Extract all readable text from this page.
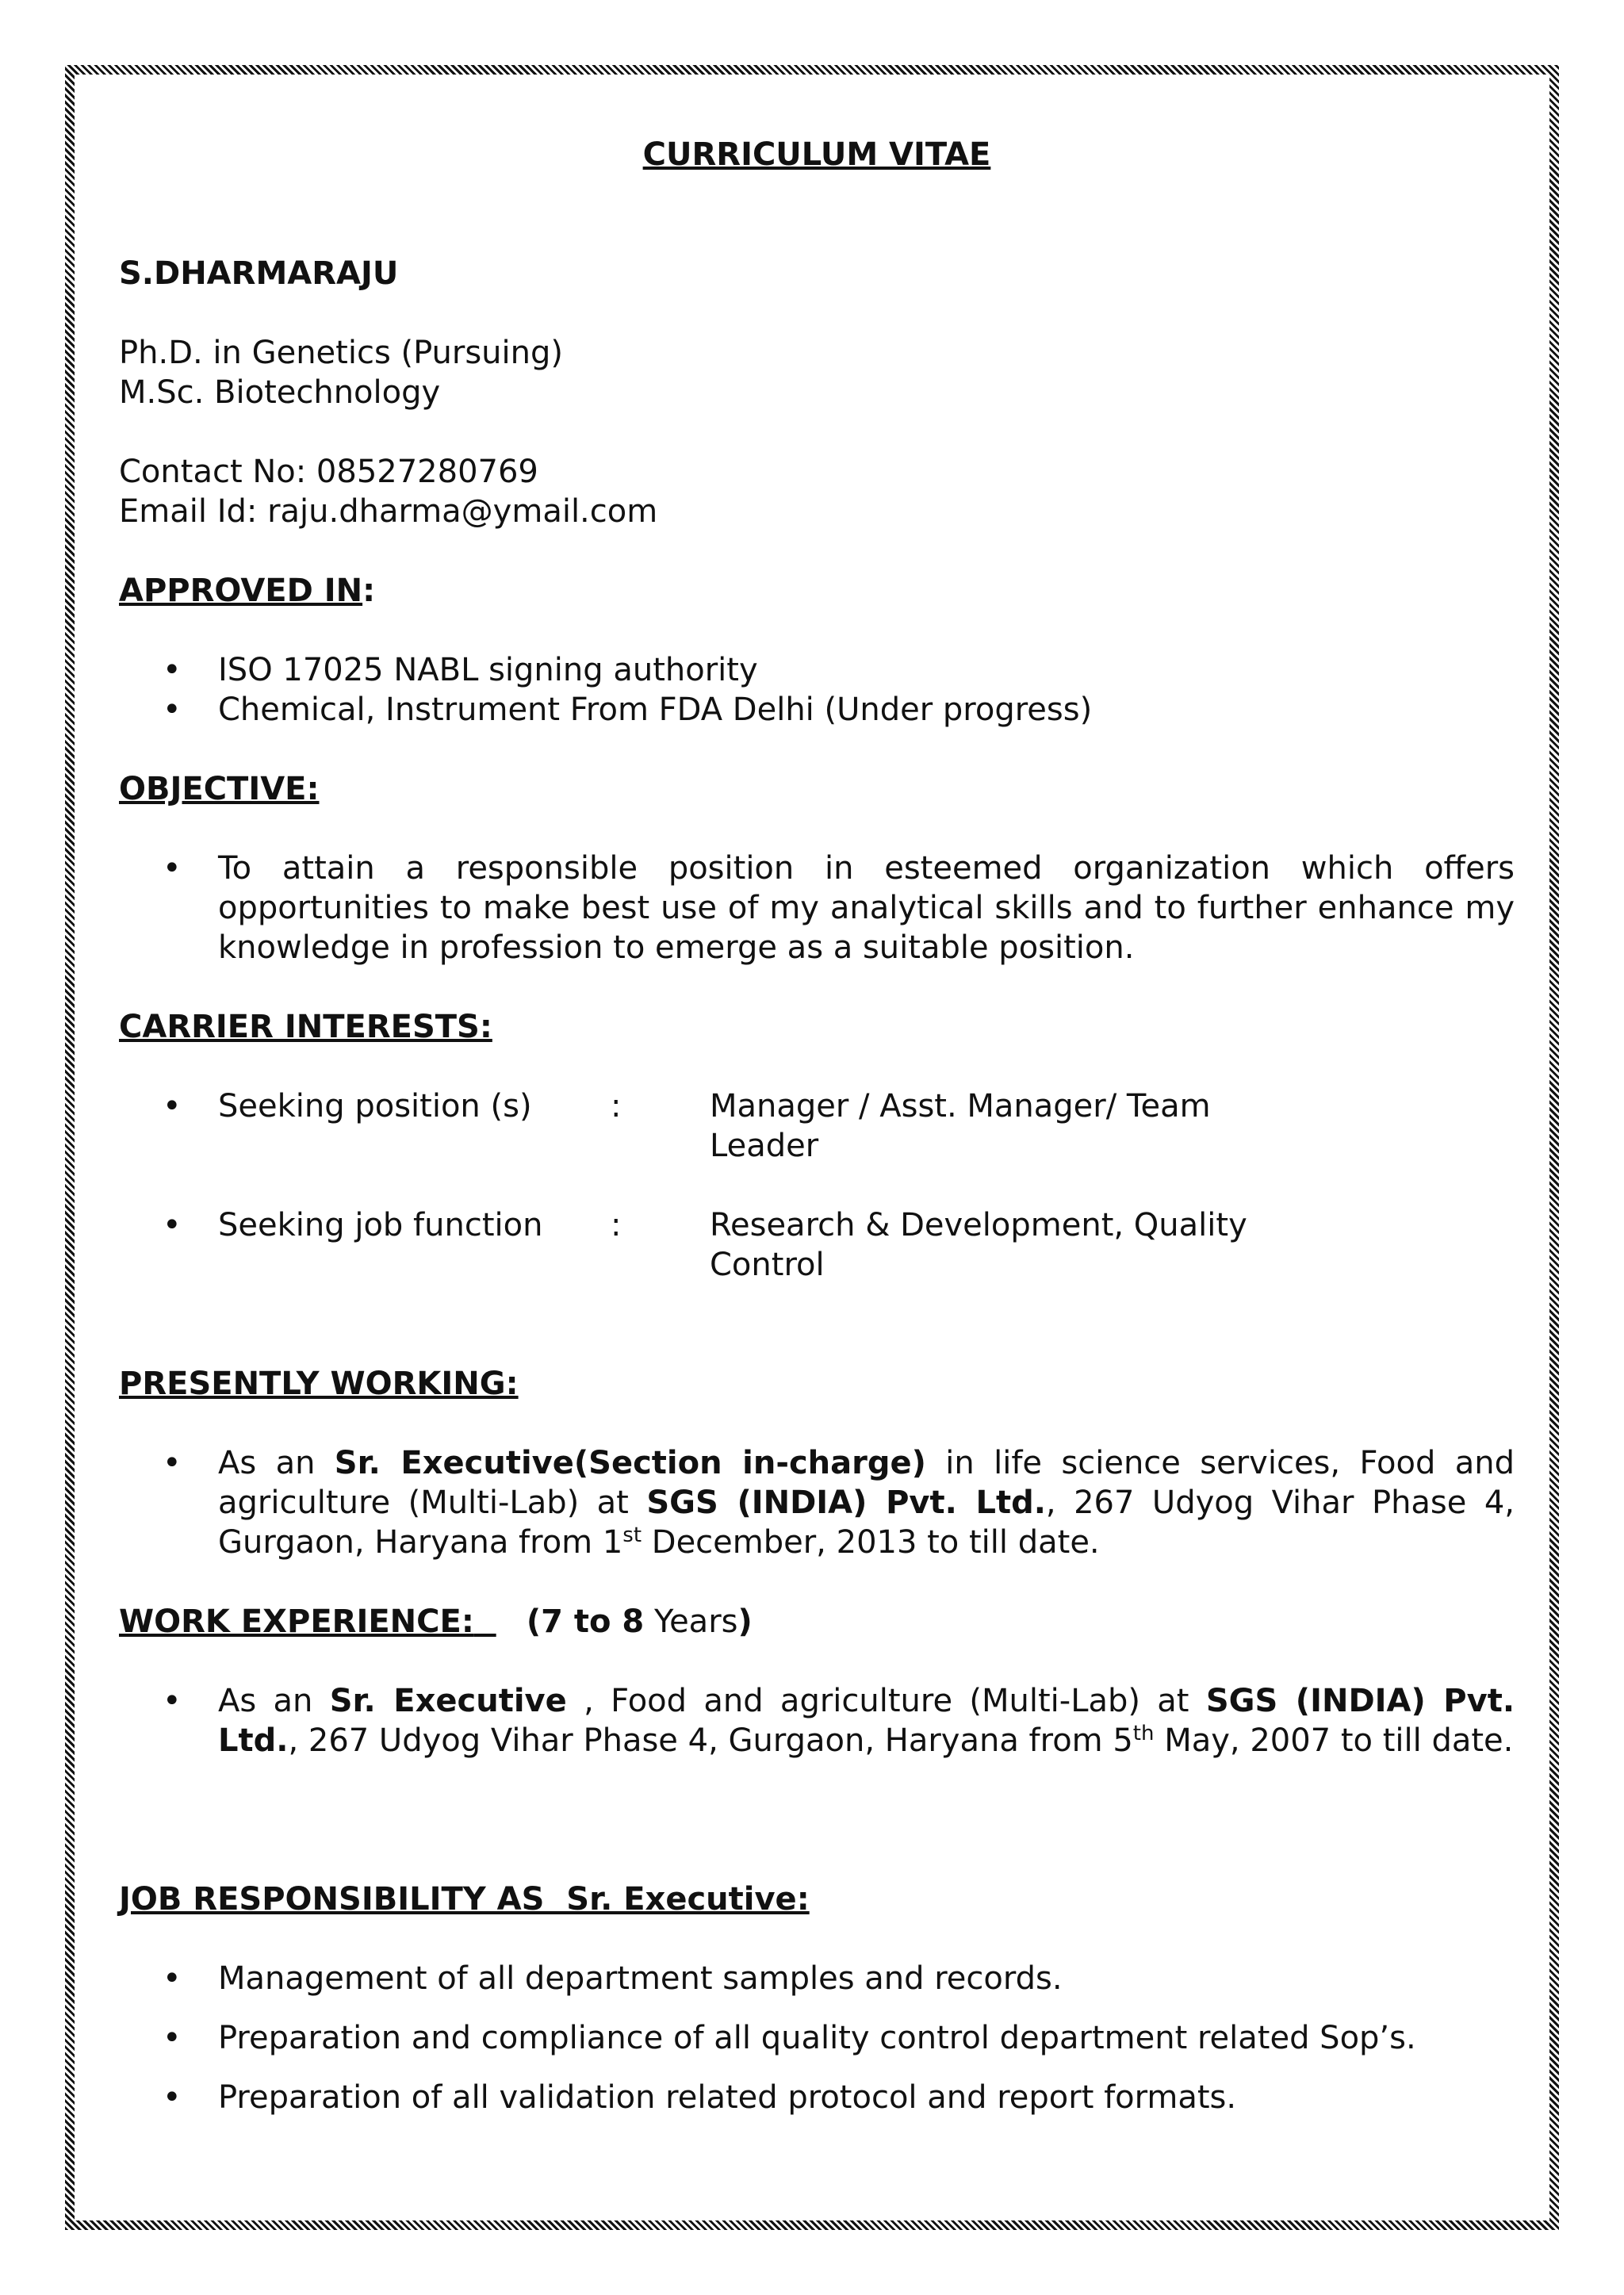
CURRICULUM VITAE
S.DHARMARAJU
Ph.D. in Genetics (Pursuing)
M.Sc. Biotechnology
Contact No: 08527280769
Email Id: raju.dharma@ymail.com
APPROVED IN:
• ISO 17025 NABL signing authority
• Chemical, Instrument From FDA Delhi (Under progress)
OBJECTIVE:
• To attain a responsible position in esteemed organization which offers opportunities to make best use of my analytical skills and to further enhance my knowledge in profession to emerge as a suitable position.
CARRIER INTERESTS:
• Seeking position (s)	:	Manager / Asst. Manager/ Team Leader
• Seeking job function	:	Research & Development, Quality Control
PRESENTLY WORKING:
• As an Sr. Executive(Section in-charge) in life science services, Food and agriculture (Multi-Lab) at SGS (INDIA) Pvt. Ltd., 267 Udyog Vihar Phase 4, Gurgaon, Haryana from 1st December, 2013 to till date.
WORK EXPERIENCE: (7 to 8 Years)
• As an Sr. Executive , Food and agriculture (Multi-Lab) at SGS (INDIA) Pvt. Ltd., 267 Udyog Vihar Phase 4, Gurgaon, Haryana from 5th May, 2007 to till date.
JOB RESPONSIBILITY AS  Sr. Executive:
• Management of all department samples and records.
• Preparation and compliance of all quality control department related Sop’s.
• Preparation of all validation related protocol and report formats.
